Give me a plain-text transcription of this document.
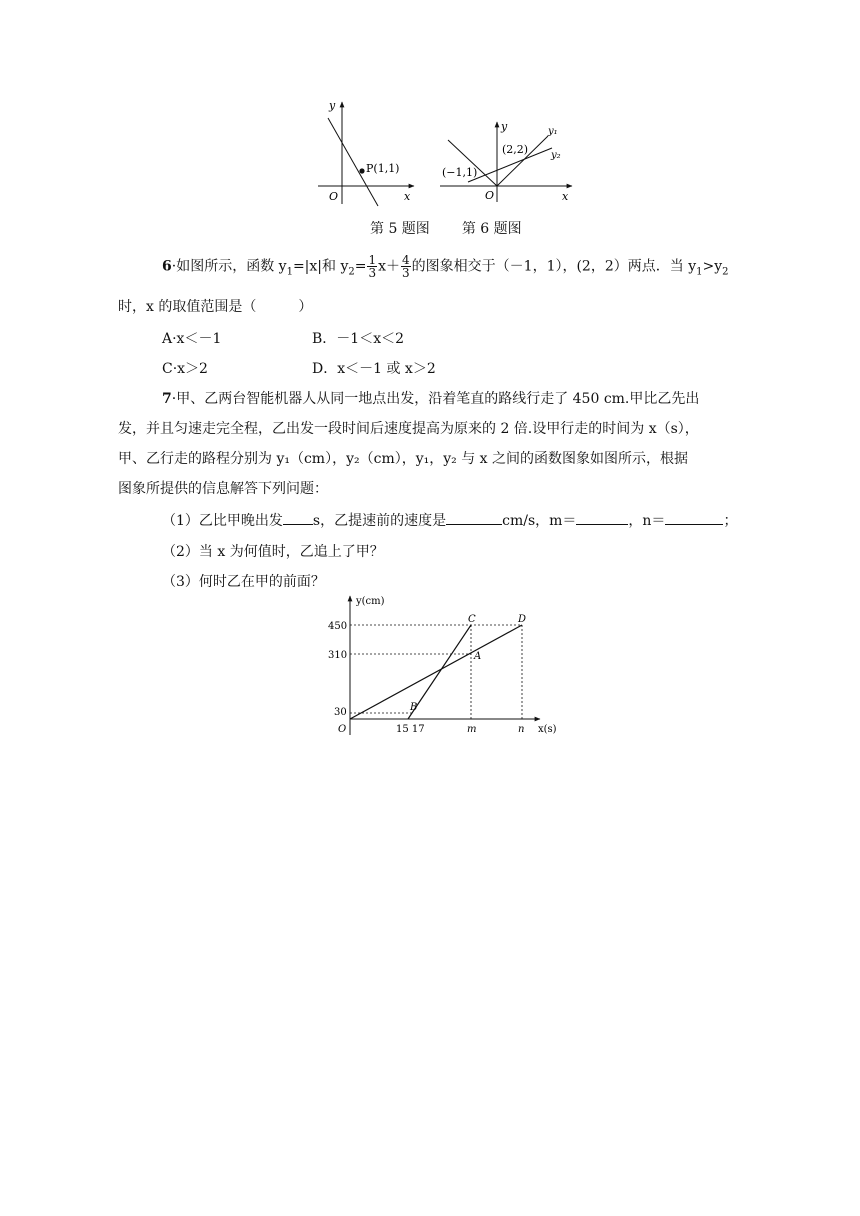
P(1,1)
y
x
O
(−1,1)
(2,2)
y₁
y₂
y
x
O
第 5 题图 第 6 题图
6·如图所示，函数 $y_1=|x|$和 $y_2= \frac{1}{3} x+ \frac{4}{3}$ 的图象相交于（－1，1），(2，2）两点．当 $y_1>y_2$
时，x 的取值范围是（　　　）
A·x＜－1	B．－1＜x＜2
C·x＞2	D．x＜－1 或 x＞2
7·甲、乙两台智能机器人从同一地点出发，沿着笔直的路线行走了 450 cm.甲比乙先出
发，并且匀速走完全程，乙出发一段时间后速度提高为原来的 2 倍.设甲行走的时间为 x（s），
甲、乙行走的路程分别为 y₁（cm），y₂（cm），y₁，y₂ 与 x 之间的函数图象如图所示，根据
图象所提供的信息解答下列问题：
（1）乙比甲晚出发 s，乙提速前的速度是	cm/s，m＝	，n＝	；
（2）当 x 为何值时，乙追上了甲？
（3）何时乙在甲的前面？
y(cm)
x(s)
O
450
310
30
15 17	m	n
A
B
C	D
